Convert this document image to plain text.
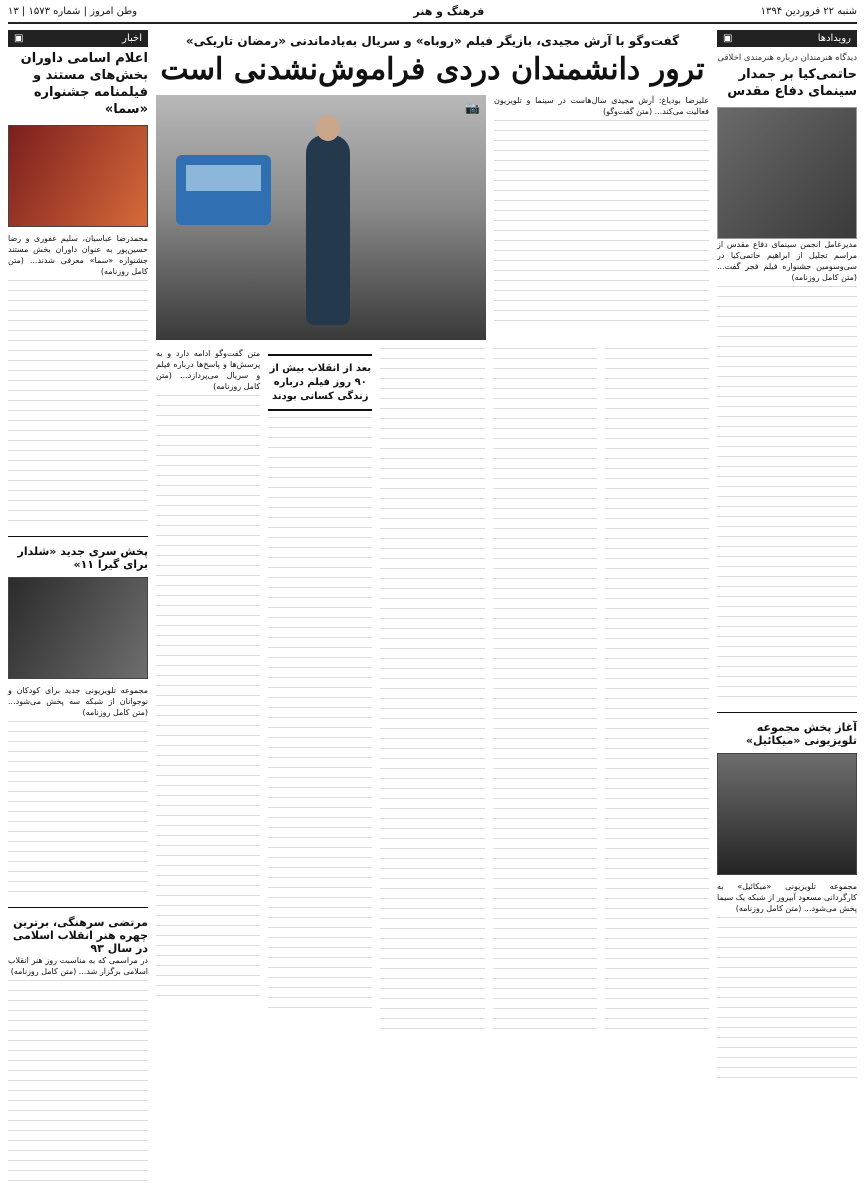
شنبه ۲۲ فروردین ۱۳۹۴
فرهنگ و هنر
وطن امروز | شماره ۱۵۷۳ | ۱۳
رویدادها
▣
دیدگاه هنرمندان درباره هنرمندی اخلاقی
حاتمی‌کیا بر جمدار سینمای دفاع مقدس

مدیرعامل انجمن سینمای دفاع مقدس از مراسم تجلیل از ابراهیم حاتمی‌کیا در سی‌وسومین جشنواره فیلم فجر گفت... (متن کامل روزنامه)

آغاز پخش مجموعه تلویزیونی «میکائیل»

مجموعه تلویزیونی «میکائیل» به کارگردانی مسعود آبپرور از شبکه یک سیما پخش می‌شود... (متن کامل روزنامه)

گفت‌وگو با آرش مجیدی، بازیگر فیلم «روباه» و سریال به‌یادماندنی «رمضان تاریکی»
ترور دانشمندان دردی فراموش‌نشدنی است

علیرضا بودیاغ: آرش مجیدی سال‌هاست در سینما و تلویزیون فعالیت می‌کند... (متن گفت‌وگو)

📷
بعد از انقلاب بیش از ۹۰ روز فیلم درباره زندگی کسانی بودند

متن گفت‌وگو ادامه دارد و به پرسش‌ها و پاسخ‌ها درباره فیلم و سریال می‌پردازد... (متن کامل روزنامه)

اخبار
▣
اعلام اسامی داوران بخش‌های مستند و فیلمنامه جشنواره «سما»

محمدرضا عباسیان، سلیم غفوری و رضا حسین‌پور به عنوان داوران بخش مستند جشنواره «سما» معرفی شدند... (متن کامل روزنامه)

پخش سری جدید «شلدار برای گیرا ۱۱»

مجموعه تلویزیونی جدید برای کودکان و نوجوانان از شبکه سه پخش می‌شود... (متن کامل روزنامه)

مرتضی سرهنگی، برترین چهره هنر انقلاب اسلامی در سال ۹۳

در مراسمی که به مناسبت روز هنر انقلاب اسلامی برگزار شد... (متن کامل روزنامه)
